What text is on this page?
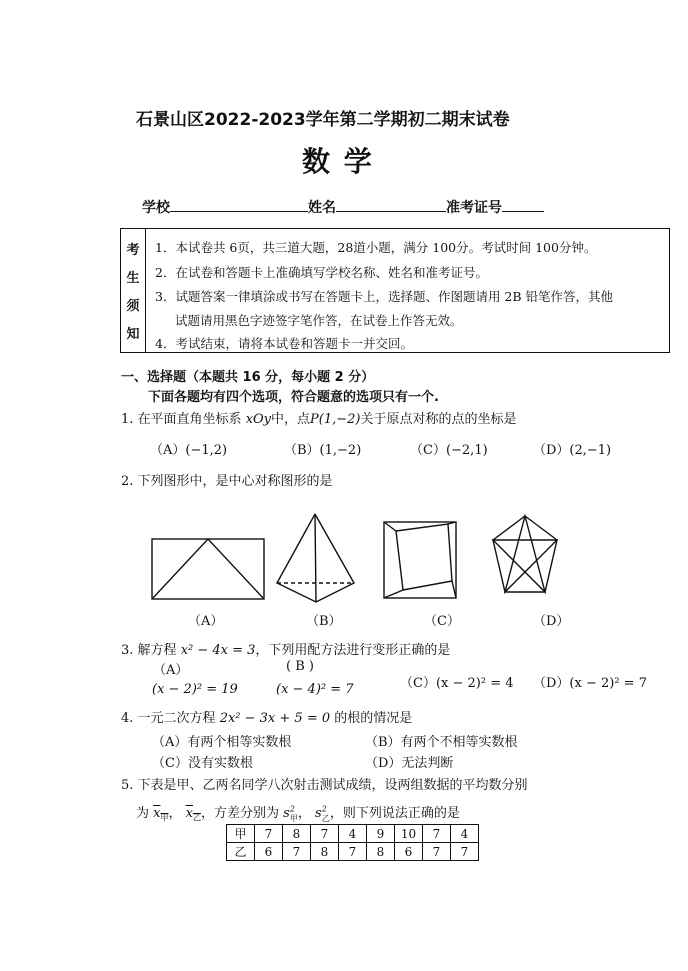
石景山区2022-2023学年第二学期初二期末试卷
数 学
学校	姓名	准考证号
考
生
须
知
1．本试卷共 6页，共三道大题，28道小题，满分 100分。考试时间 100分钟。
2．在试卷和答题卡上准确填写学校名称、姓名和准考证号。
3．试题答案一律填涂或书写在答题卡上，选择题、作图题请用 2B 铅笔作答，其他
试题请用黑色字迹签字笔作答，在试卷上作答无效。
4．考试结束，请将本试卷和答题卡一并交回。
一、选择题（本题共 16 分，每小题 2 分）
下面各题均有四个选项，符合题意的选项只有一个.
1. 在平面直角坐标系 xOy中，点P(1,−2)关于原点对称的点的坐标是
（A）(−1,2)	（B）(1,−2)	（C）(−2,1)	（D）(2,−1)
2. 下列图形中，是中心对称图形的是
（A）	（B）	（C）	（D）
3. 解方程 x² − 4x = 3，下列用配方法进行变形正确的是
（A）
(x − 2)² = 19
( B )
(x − 4)² = 7	（C）(x − 2)² = 4 （D）(x − 2)² = 7
4. 一元二次方程 2x² − 3x + 5 = 0 的根的情况是
（A）有两个相等实数根	（B）有两个不相等实数根
（C）没有实数根	（D）无法判断
5. 下表是甲、乙两名同学八次射击测试成绩，设两组数据的平均数分别
为 $x_甲$， $x_乙$，方差分别为 $s^2_甲$， $s^2_乙$，则下列说法正确的是
甲	7	8	7	4	9	10	7	4
乙	6	7	8	7	8	6	7	7
